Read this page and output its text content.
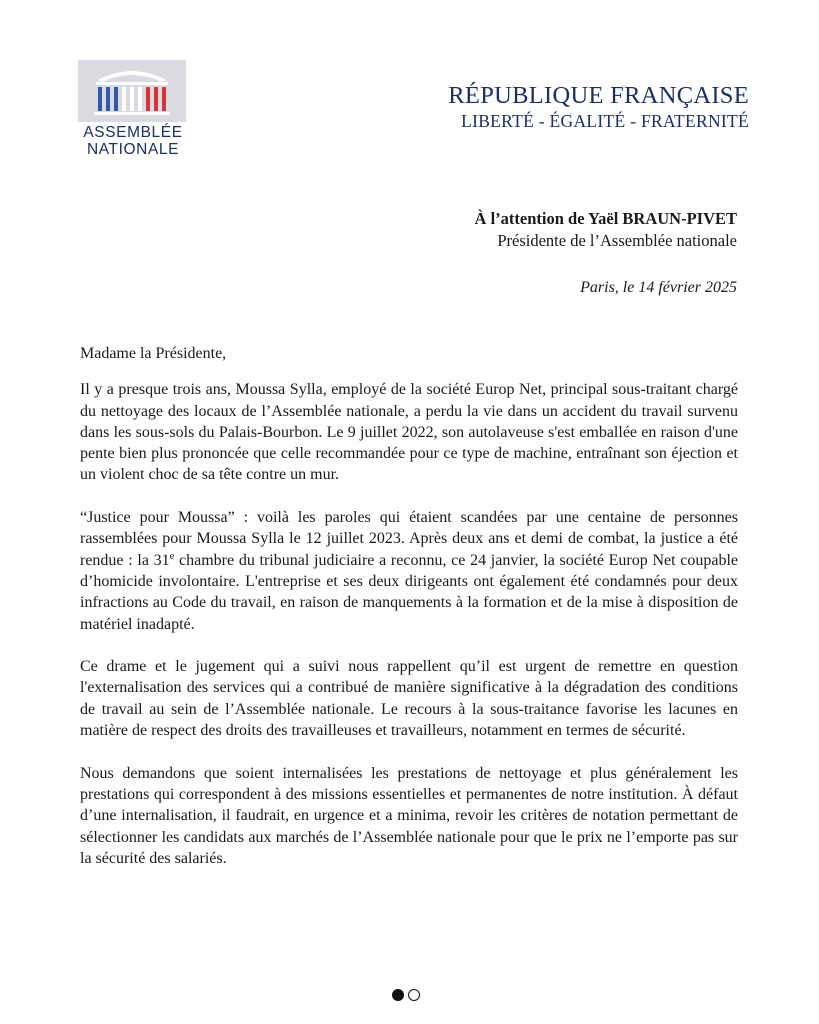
ASSEMBLÉE
NATIONALE
RÉPUBLIQUE FRANÇAISE
LIBERTÉ - ÉGALITÉ - FRATERNITÉ
À l’attention de Yaël BRAUN-PIVET
Présidente de l’Assemblée nationale
Paris, le 14 février 2025

Madame la Présidente,

Il y a presque trois ans, Moussa Sylla, employé de la société Europ Net, principal sous-traitant chargé du nettoyage des locaux de l’Assemblée nationale, a perdu la vie dans un accident du travail survenu dans les sous-sols du Palais-Bourbon. Le 9 juillet 2022, son autolaveuse s'est emballée en raison d'une pente bien plus prononcée que celle recommandée pour ce type de machine, entraînant son éjection et un violent choc de sa tête contre un mur.

“Justice pour Moussa” : voilà les paroles qui étaient scandées par une centaine de personnes rassemblées pour Moussa Sylla le 12 juillet 2023. Après deux ans et demi de combat, la justice a été rendue : la 31e chambre du tribunal judiciaire a reconnu, ce 24 janvier, la société Europ Net coupable d’homicide involontaire. L'entreprise et ses deux dirigeants ont également été condamnés pour deux infractions au Code du travail, en raison de manquements à la formation et de la mise à disposition de matériel inadapté.

Ce drame et le jugement qui a suivi nous rappellent qu’il est urgent de remettre en question l'externalisation des services qui a contribué de manière significative à la dégradation des conditions de travail au sein de l’Assemblée nationale. Le recours à la sous-traitance favorise les lacunes en matière de respect des droits des travailleuses et travailleurs, notamment en termes de sécurité.

Nous demandons que soient internalisées les prestations de nettoyage et plus généralement les prestations qui correspondent à des missions essentielles et permanentes de notre institution. À défaut d’une internalisation, il faudrait, en urgence et a minima, revoir les critères de notation permettant de sélectionner les candidats aux marchés de l’Assemblée nationale pour que le prix ne l’emporte pas sur la sécurité des salariés.
